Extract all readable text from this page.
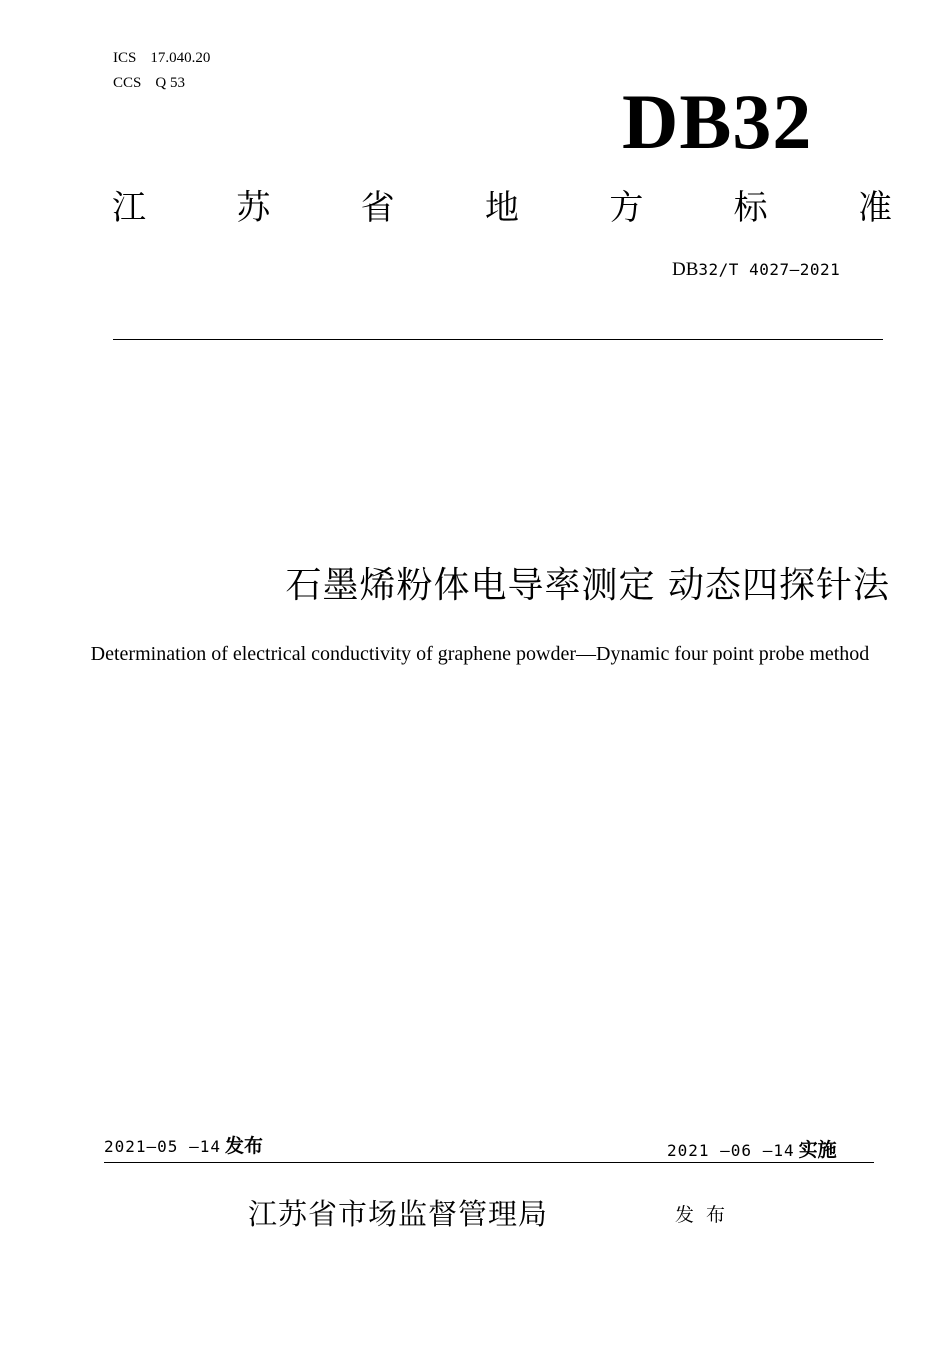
ICS 17.040.20
CCS Q 53	DB32
江	苏	省	地	方	标	准
DB32/T 4027—2021
石墨烯粉体电导率测定 动态四探针法
Determination of electrical conductivity of graphene powder—Dynamic four point probe method
2021—05 —14 发布	2021 —06 —14 实施
江苏省市场监督管理局	发布
